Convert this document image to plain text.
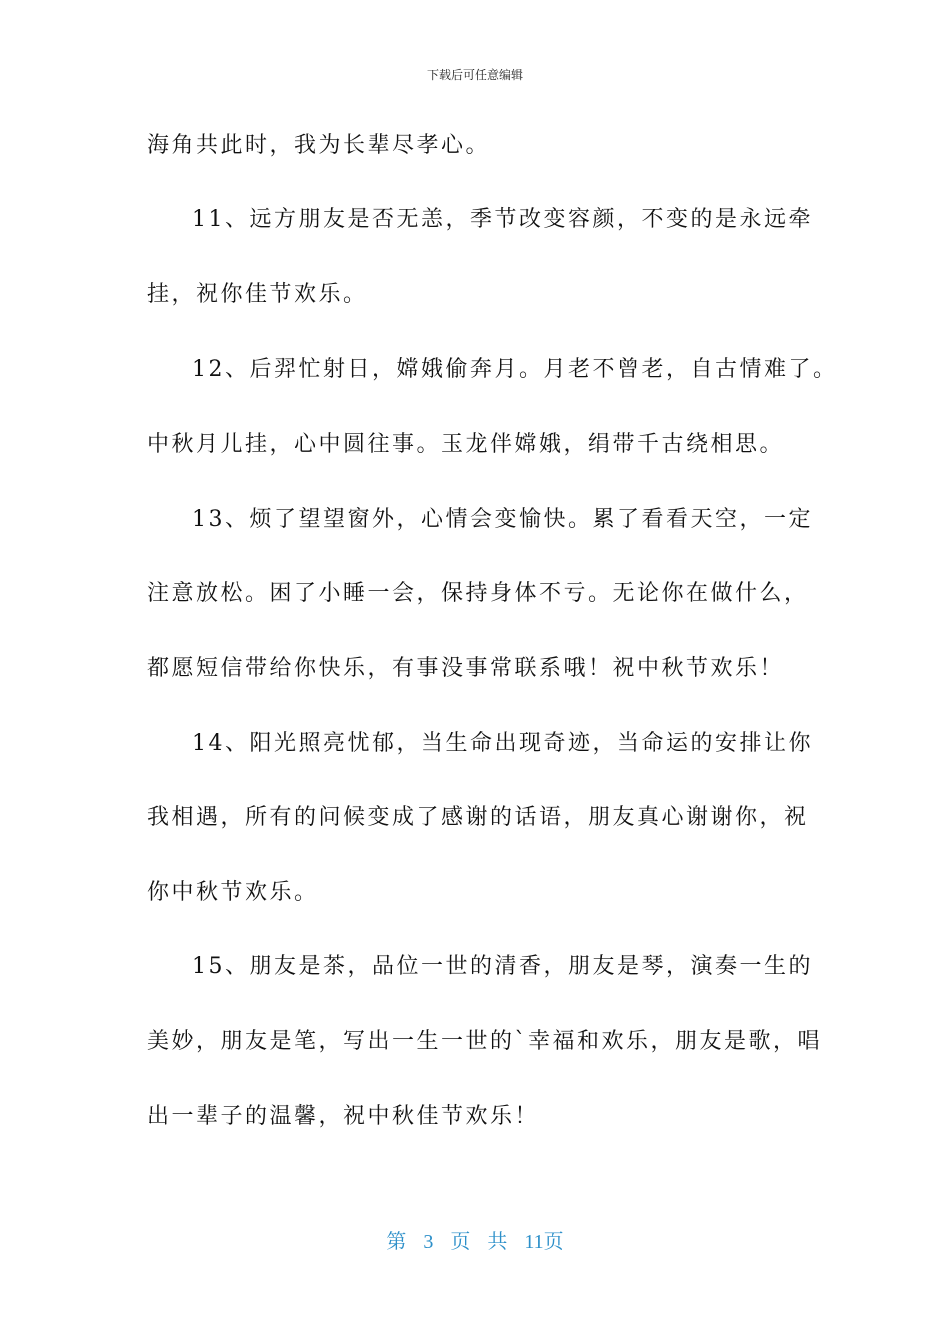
下载后可任意编辑
海角共此时，我为长辈尽孝心。
11、远方朋友是否无恙，季节改变容颜，不变的是永远牵
挂，祝你佳节欢乐。
12、后羿忙射日，嫦娥偷奔月。月老不曾老，自古情难了。
中秋月儿挂，心中圆往事。玉龙伴嫦娥，绢带千古绕相思。
13、烦了望望窗外，心情会变愉快。累了看看天空，一定
注意放松。困了小睡一会，保持身体不亏。无论你在做什么，
都愿短信带给你快乐，有事没事常联系哦！祝中秋节欢乐！
14、阳光照亮忧郁，当生命出现奇迹，当命运的安排让你
我相遇，所有的问候变成了感谢的话语，朋友真心谢谢你，祝
你中秋节欢乐。
15、朋友是茶，品位一世的清香，朋友是琴，演奏一生的
美妙，朋友是笔，写出一生一世的`幸福和欢乐，朋友是歌，唱
出一辈子的温馨，祝中秋佳节欢乐！
第 3 页 共 11页
